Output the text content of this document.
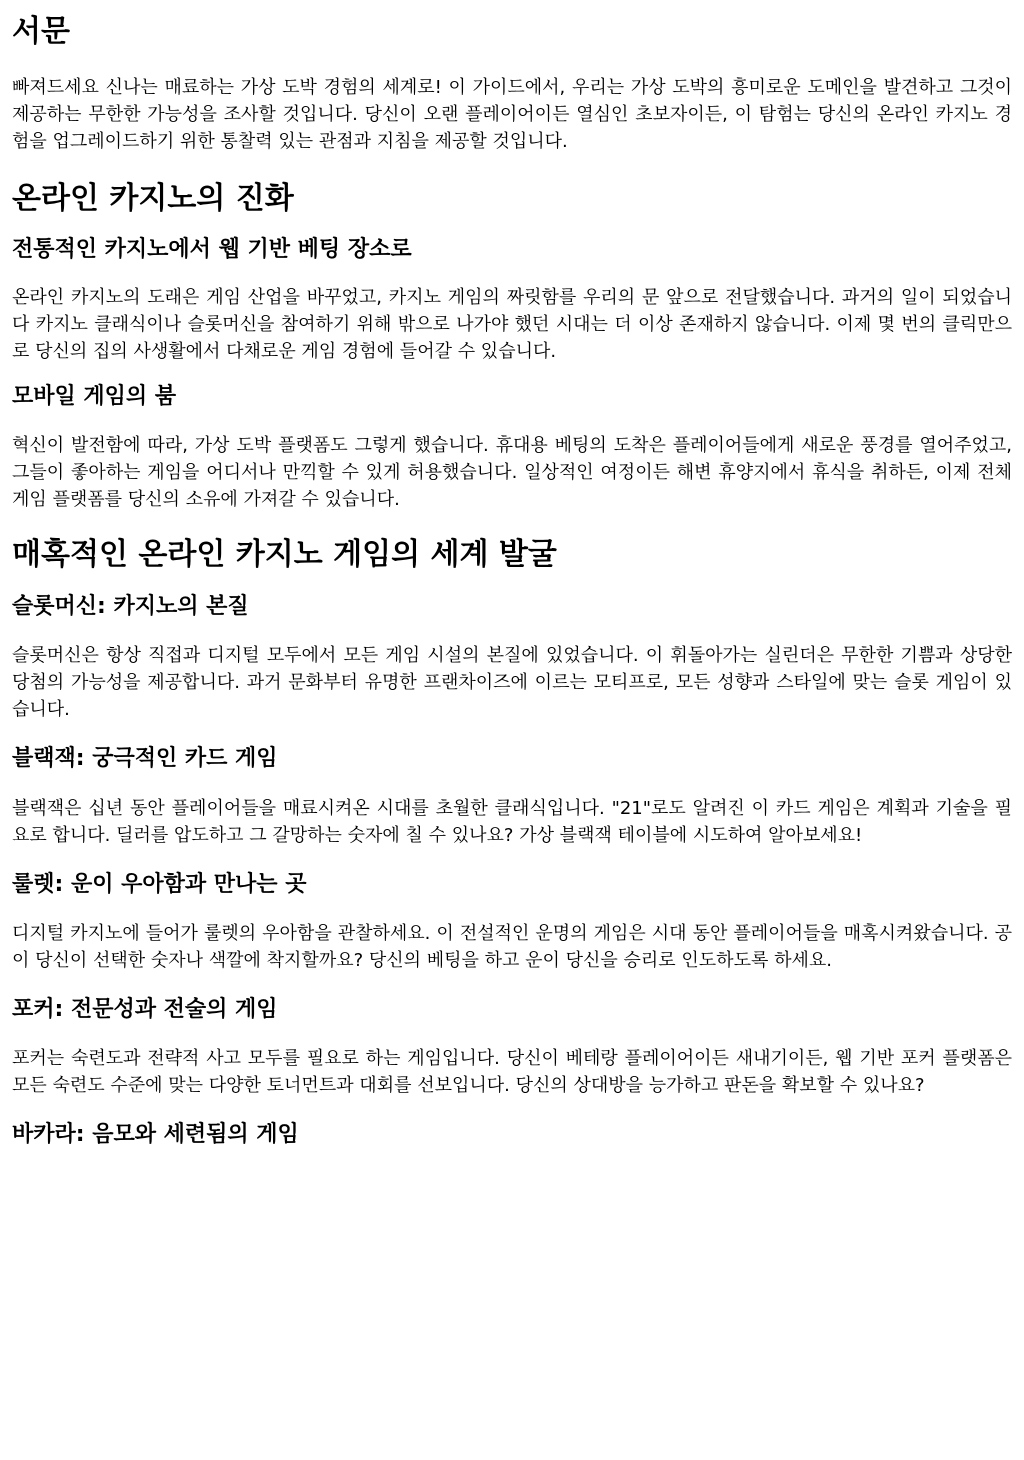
서문

빠져드세요 신나는 매료하는 가상 도박 경험의 세계로! 이 가이드에서, 우리는 가상 도박의 흥미로운 도메인을 발견하고 그것이 제공하는 무한한 가능성을 조사할 것입니다. 당신이 오랜 플레이어이든 열심인 초보자이든, 이 탐험는 당신의 온라인 카지노 경험을 업그레이드하기 위한 통찰력 있는 관점과 지침을 제공할 것입니다.

온라인 카지노의 진화
전통적인 카지노에서 웹 기반 베팅 장소로

온라인 카지노의 도래은 게임 산업을 바꾸었고, 카지노 게임의 짜릿함를 우리의 문 앞으로 전달했습니다. 과거의 일이 되었습니다 카지노 클래식이나 슬롯머신을 참여하기 위해 밖으로 나가야 했던 시대는 더 이상 존재하지 않습니다. 이제 몇 번의 클릭만으로 당신의 집의 사생활에서 다채로운 게임 경험에 들어갈 수 있습니다.

모바일 게임의 붐

혁신이 발전함에 따라, 가상 도박 플랫폼도 그렇게 했습니다. 휴대용 베팅의 도착은 플레이어들에게 새로운 풍경를 열어주었고, 그들이 좋아하는 게임을 어디서나 만끽할 수 있게 허용했습니다. 일상적인 여정이든 해변 휴양지에서 휴식을 취하든, 이제 전체 게임 플랫폼를 당신의 소유에 가져갈 수 있습니다.

매혹적인 온라인 카지노 게임의 세계 발굴
슬롯머신: 카지노의 본질

슬롯머신은 항상 직접과 디지털 모두에서 모든 게임 시설의 본질에 있었습니다. 이 휘돌아가는 실린더은 무한한 기쁨과 상당한 당첨의 가능성을 제공합니다. 과거 문화부터 유명한 프랜차이즈에 이르는 모티프로, 모든 성향과 스타일에 맞는 슬롯 게임이 있습니다.

블랙잭: 궁극적인 카드 게임

블랙잭은 십년 동안 플레이어들을 매료시켜온 시대를 초월한 클래식입니다. "21"로도 알려진 이 카드 게임은 계획과 기술을 필요로 합니다. 딜러를 압도하고 그 갈망하는 숫자에 칠 수 있나요? 가상 블랙잭 테이블에 시도하여 알아보세요!

룰렛: 운이 우아함과 만나는 곳

디지털 카지노에 들어가 룰렛의 우아함을 관찰하세요. 이 전설적인 운명의 게임은 시대 동안 플레이어들을 매혹시켜왔습니다. 공이 당신이 선택한 숫자나 색깔에 착지할까요? 당신의 베팅을 하고 운이 당신을 승리로 인도하도록 하세요.

포커: 전문성과 전술의 게임

포커는 숙련도과 전략적 사고 모두를 필요로 하는 게임입니다. 당신이 베테랑 플레이어이든 새내기이든, 웹 기반 포커 플랫폼은 모든 숙련도 수준에 맞는 다양한 토너먼트과 대회를 선보입니다. 당신의 상대방을 능가하고 판돈을 확보할 수 있나요?

바카라: 음모와 세련됨의 게임
